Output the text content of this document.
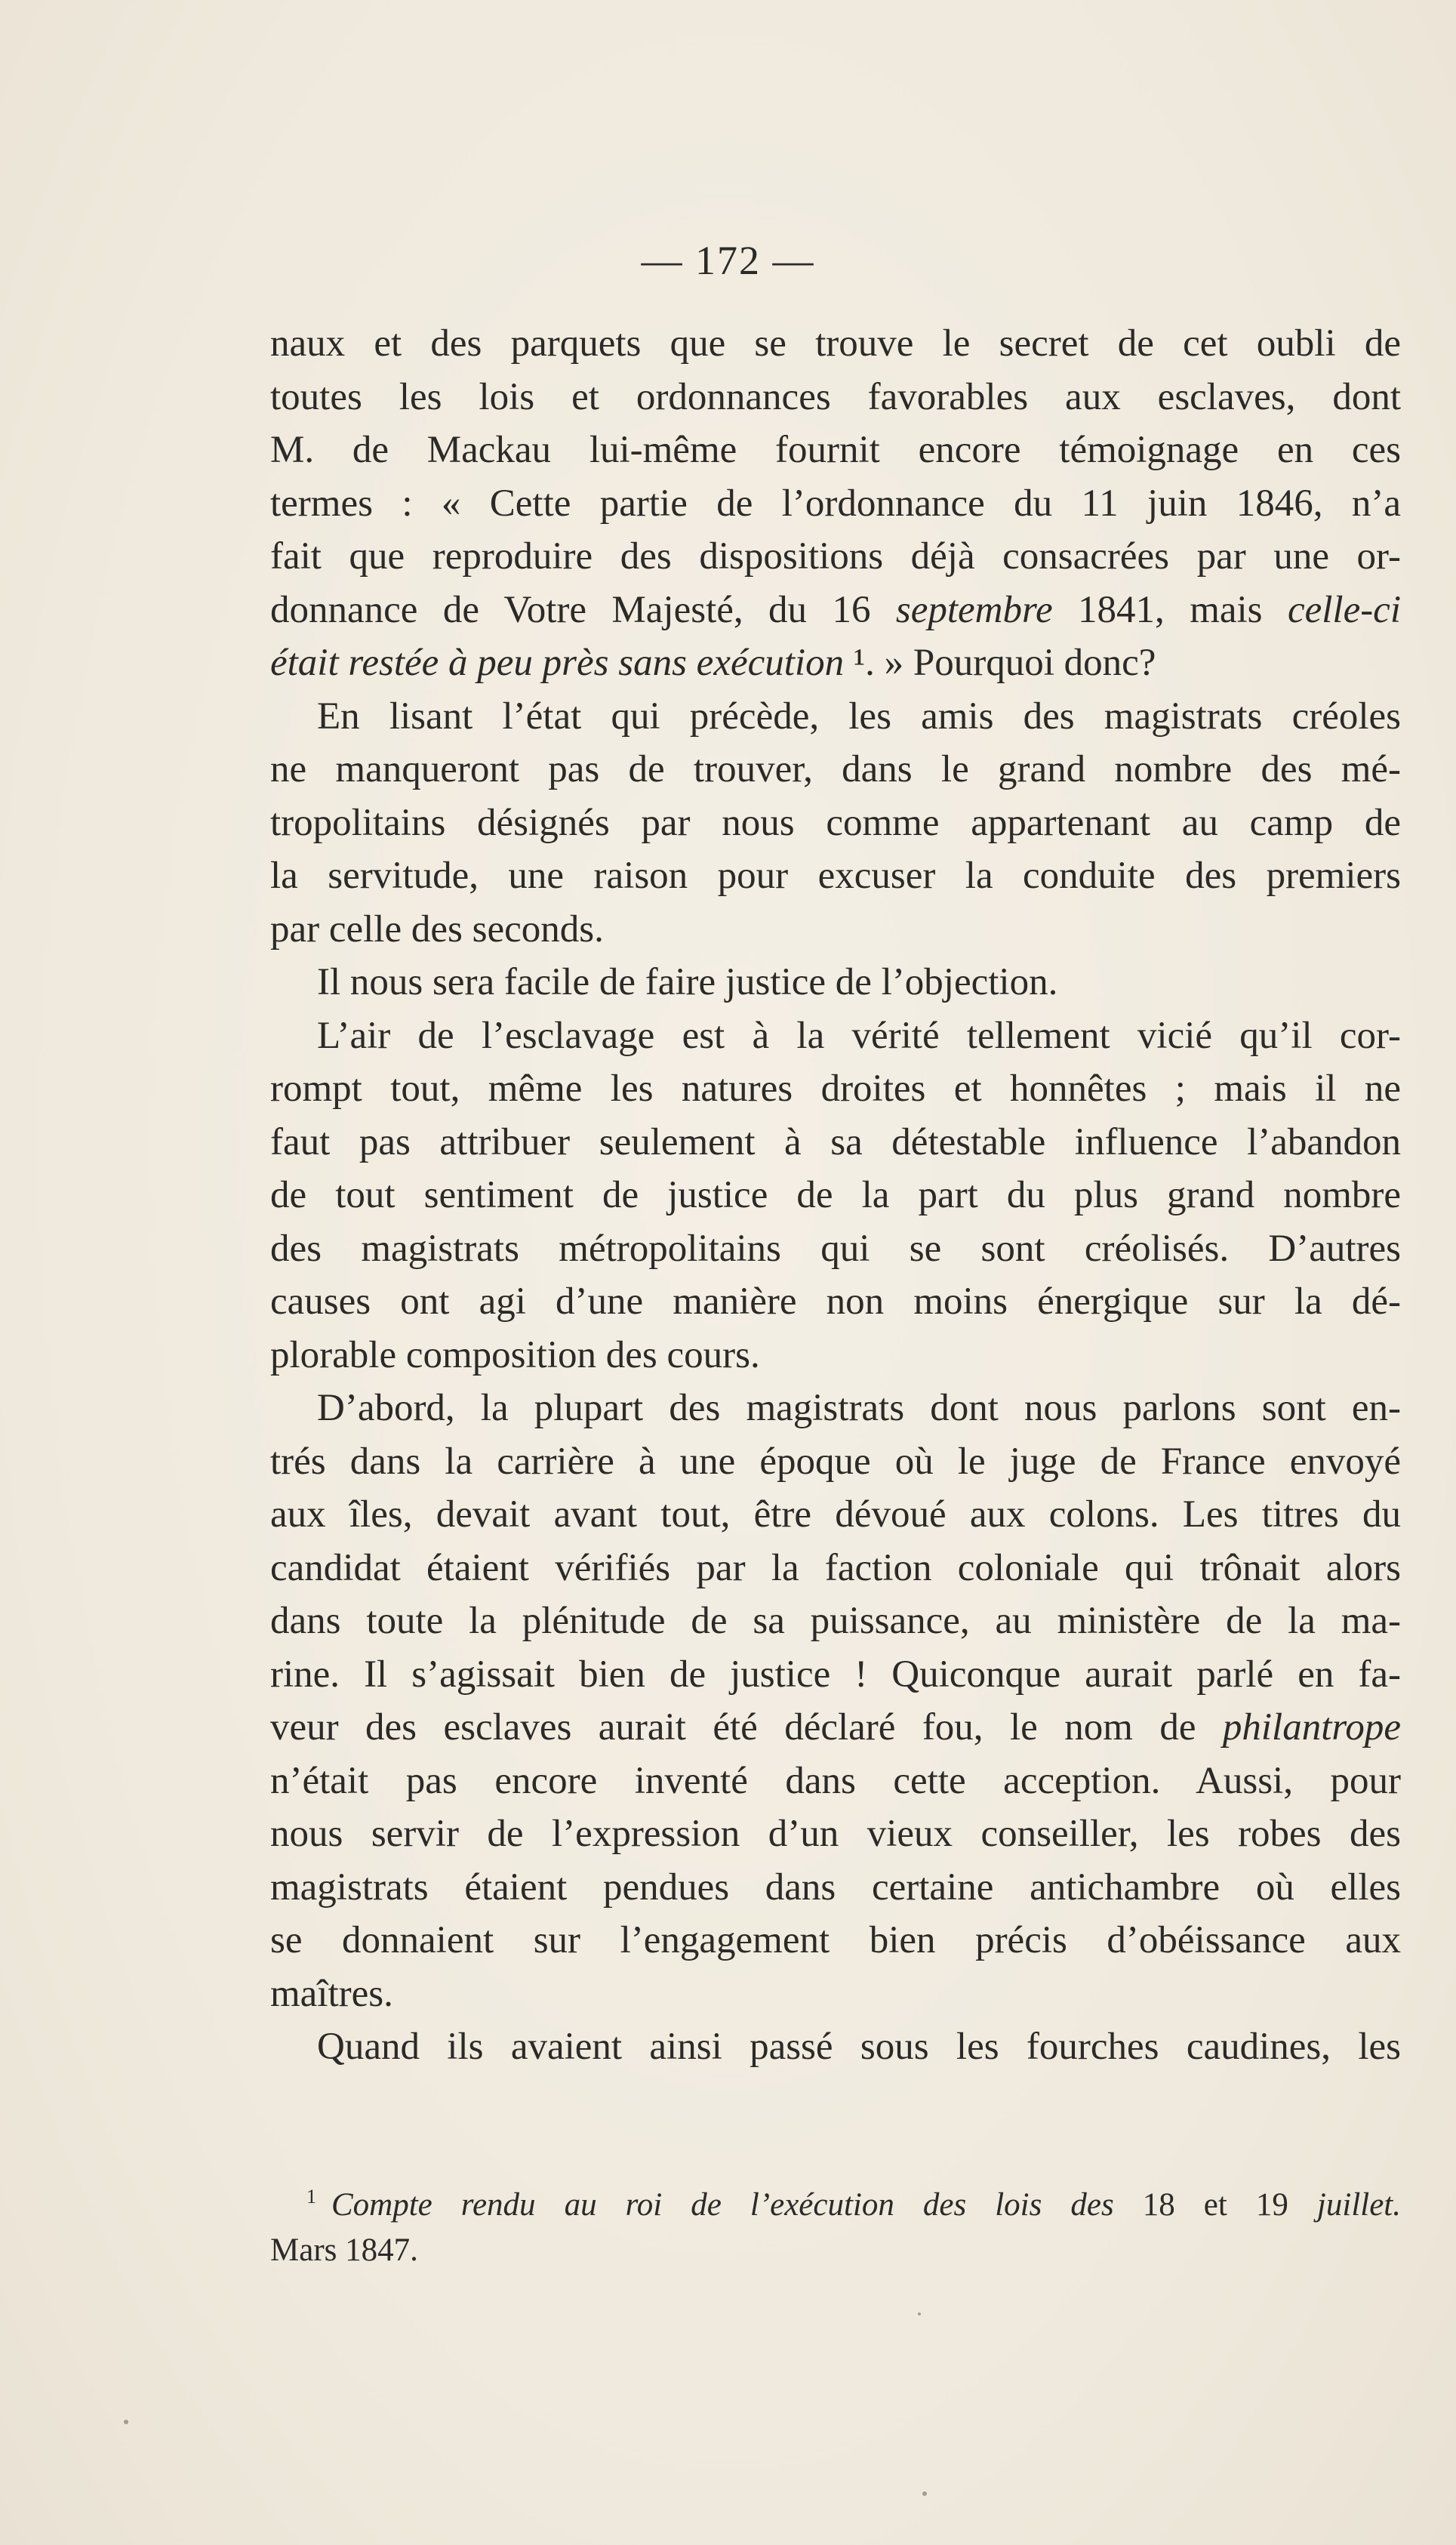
— 172 —
naux et des parquets que se trouve le secret de cet oubli de
toutes les lois et ordonnances favorables aux esclaves, dont
M. de Mackau lui-même fournit encore témoignage en ces
termes : « Cette partie de l’ordonnance du 11 juin 1846, n’a
fait que reproduire des dispositions déjà consacrées par une or-
donnance de Votre Majesté, du 16 septembre 1841, mais celle-ci
était restée à peu près sans exécution ¹. » Pourquoi donc?
En lisant l’état qui précède, les amis des magistrats créoles
ne manqueront pas de trouver, dans le grand nombre des mé-
tropolitains désignés par nous comme appartenant au camp de
la servitude, une raison pour excuser la conduite des premiers
par celle des seconds.
Il nous sera facile de faire justice de l’objection.
L’air de l’esclavage est à la vérité tellement vicié qu’il cor-
rompt tout, même les natures droites et honnêtes ; mais il ne
faut pas attribuer seulement à sa détestable influence l’abandon
de tout sentiment de justice de la part du plus grand nombre
des magistrats métropolitains qui se sont créolisés. D’autres
causes ont agi d’une manière non moins énergique sur la dé-
plorable composition des cours.
D’abord, la plupart des magistrats dont nous parlons sont en-
trés dans la carrière à une époque où le juge de France envoyé
aux îles, devait avant tout, être dévoué aux colons. Les titres du
candidat étaient vérifiés par la faction coloniale qui trônait alors
dans toute la plénitude de sa puissance, au ministère de la ma-
rine. Il s’agissait bien de justice ! Quiconque aurait parlé en fa-
veur des esclaves aurait été déclaré fou, le nom de philantrope
n’était pas encore inventé dans cette acception. Aussi, pour
nous servir de l’expression d’un vieux conseiller, les robes des
magistrats étaient pendues dans certaine antichambre où elles
se donnaient sur l’engagement bien précis d’obéissance aux
maîtres.
Quand ils avaient ainsi passé sous les fourches caudines, les
$^1$ Compte rendu au roi de l’exécution des lois des 18 et 19 juillet.
Mars 1847.
